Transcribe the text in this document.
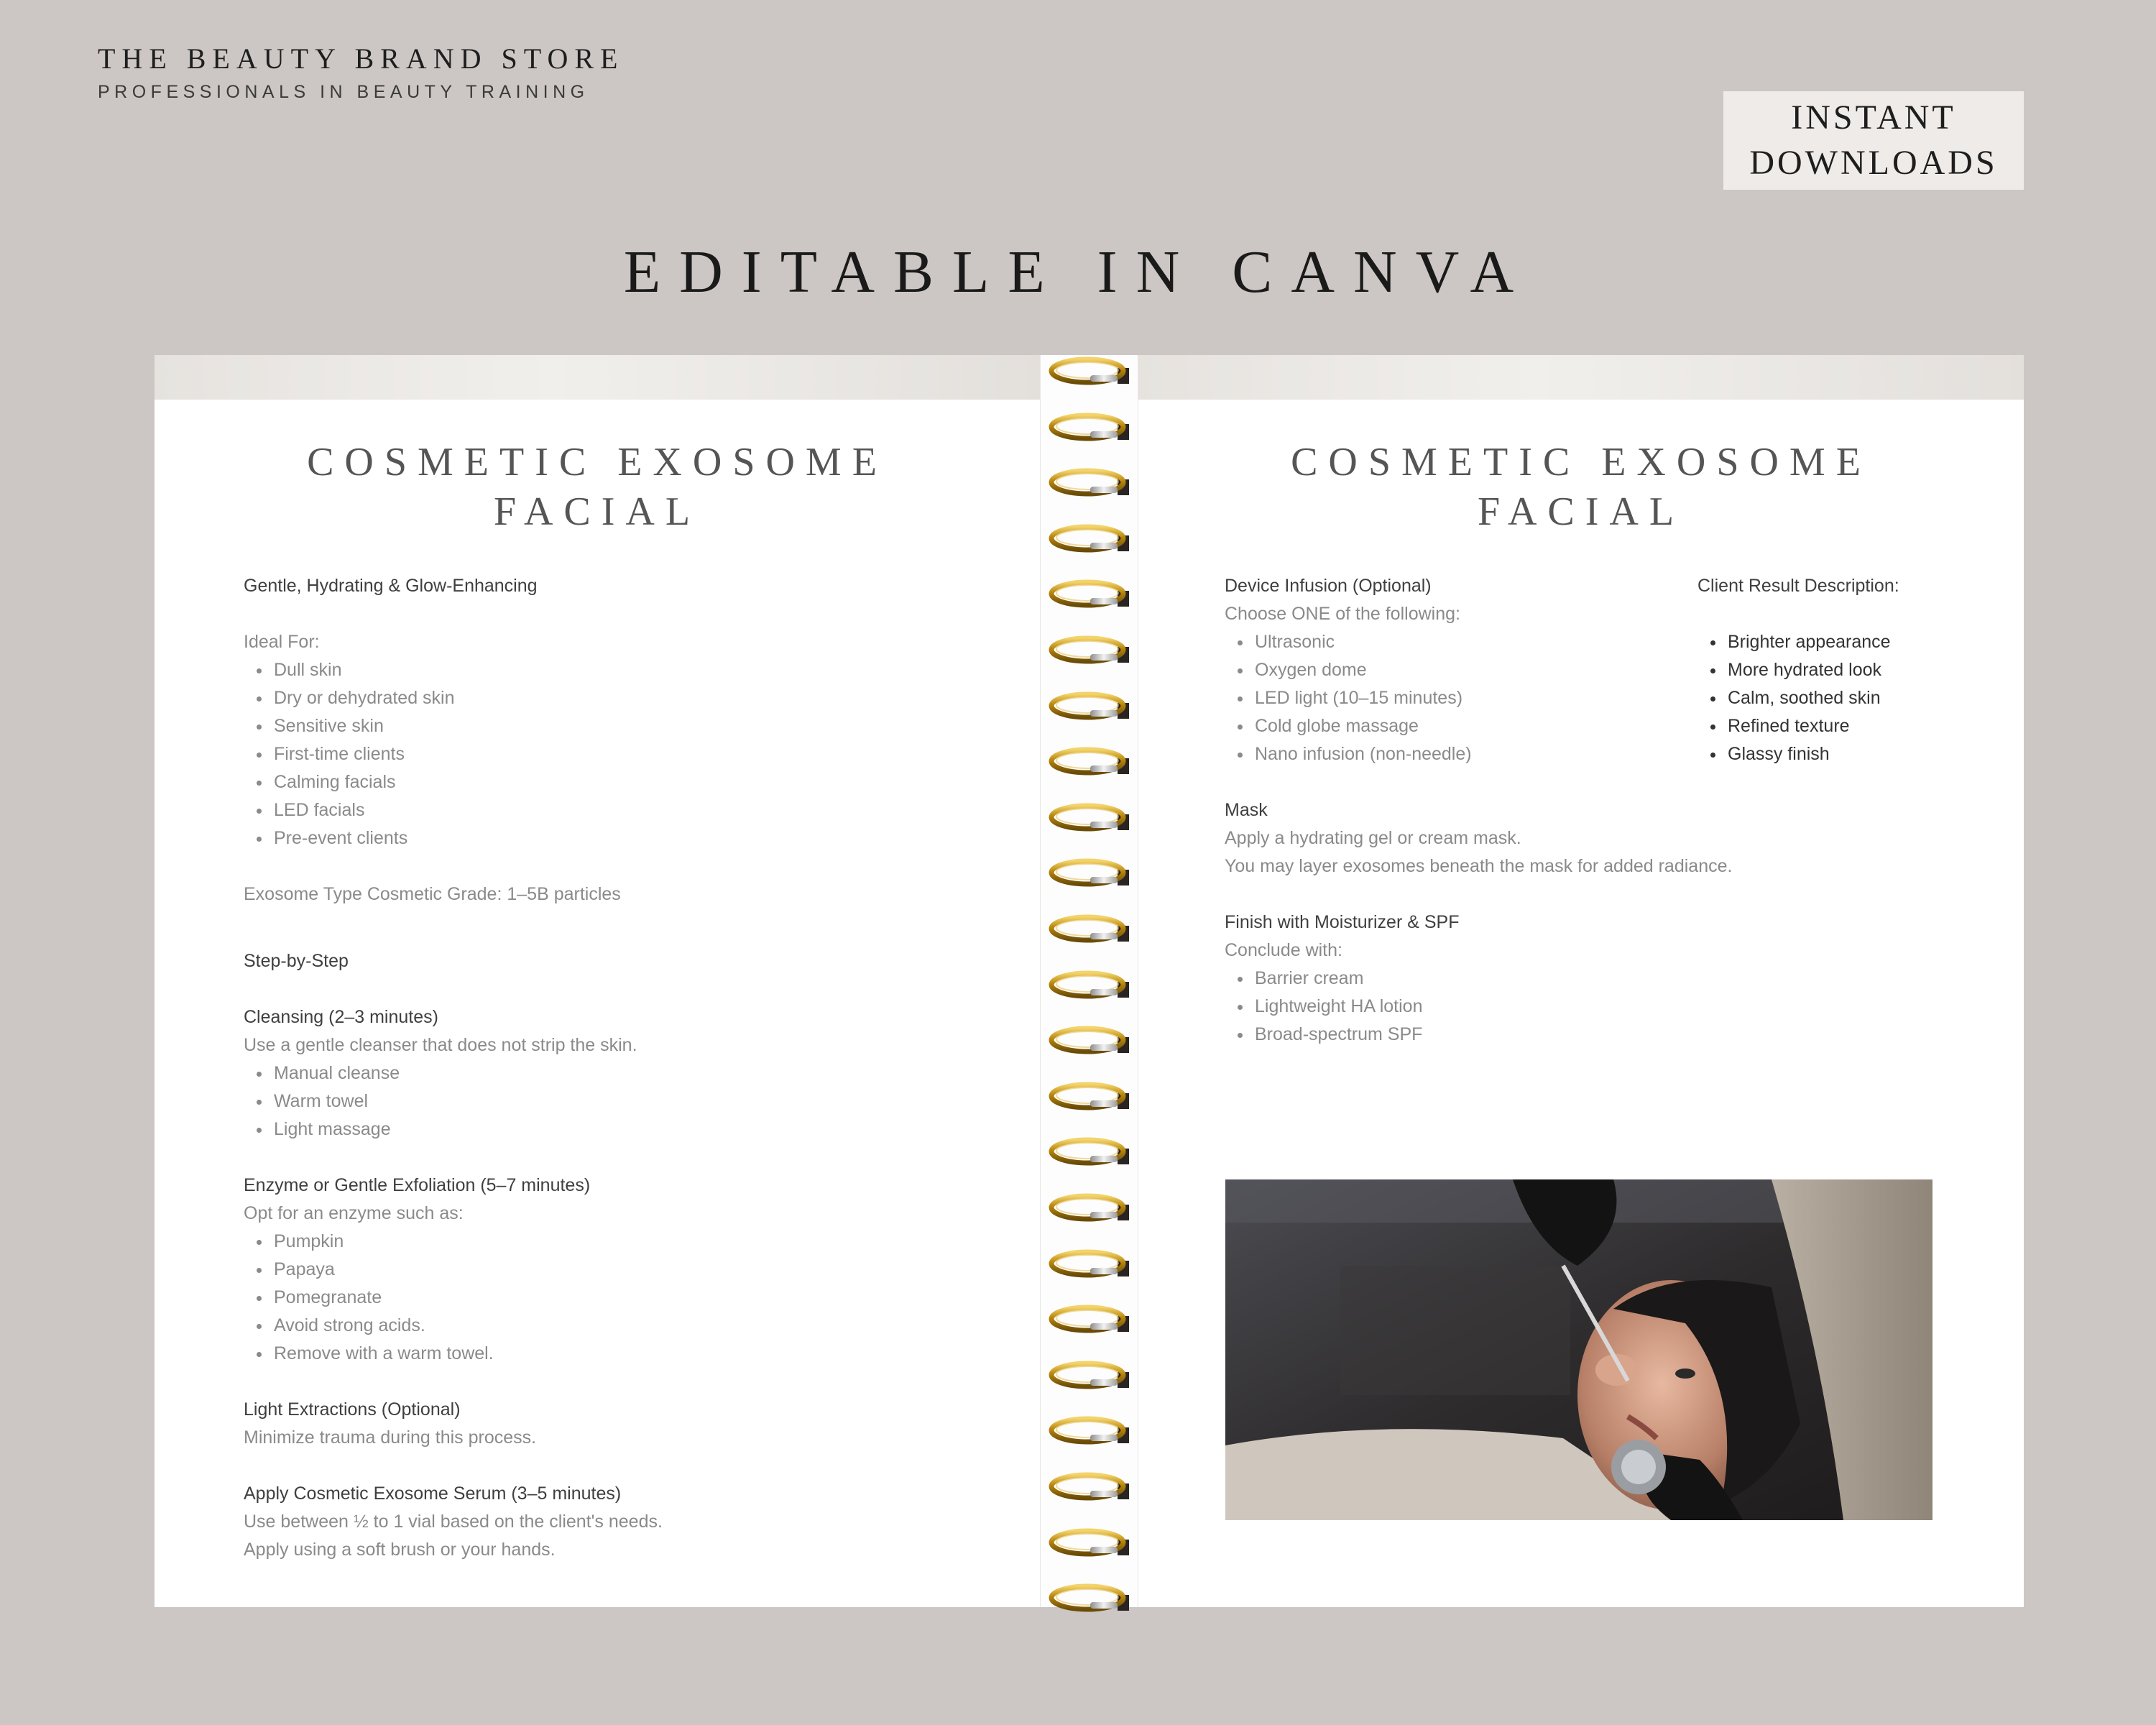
THE BEAUTY BRAND STORE
PROFESSIONALS IN BEAUTY TRAINING
INSTANT
DOWNLOADS
EDITABLE IN CANVA
COSMETIC EXOSOME
FACIAL
Gentle, Hydrating & Glow-Enhancing
Ideal For:
Dull skin
Dry or dehydrated skin
Sensitive skin
First-time clients
Calming facials
LED facials
Pre-event clients
Exosome Type Cosmetic Grade: 1–5B particles
Step-by-Step
Cleansing (2–3 minutes)
Use a gentle cleanser that does not strip the skin.
Manual cleanse
Warm towel
Light massage
Enzyme or Gentle Exfoliation (5–7 minutes)
Opt for an enzyme such as:
Pumpkin
Papaya
Pomegranate
Avoid strong acids.
Remove with a warm towel.
Light Extractions (Optional)
Minimize trauma during this process.
Apply Cosmetic Exosome Serum (3–5 minutes)
Use between ½ to 1 vial based on the client's needs.
Apply using a soft brush or your hands.
COSMETIC EXOSOME
FACIAL
Device Infusion (Optional)
Choose ONE of the following:
Ultrasonic
Oxygen dome
LED light (10–15 minutes)
Cold globe massage
Nano infusion (non-needle)
Mask
Apply a hydrating gel or cream mask.
You may layer exosomes beneath the mask for added radiance.
Finish with Moisturizer & SPF
Conclude with:
Barrier cream
Lightweight HA lotion
Broad-spectrum SPF
Client Result Description:
Brighter appearance
More hydrated look
Calm, soothed skin
Refined texture
Glassy finish
